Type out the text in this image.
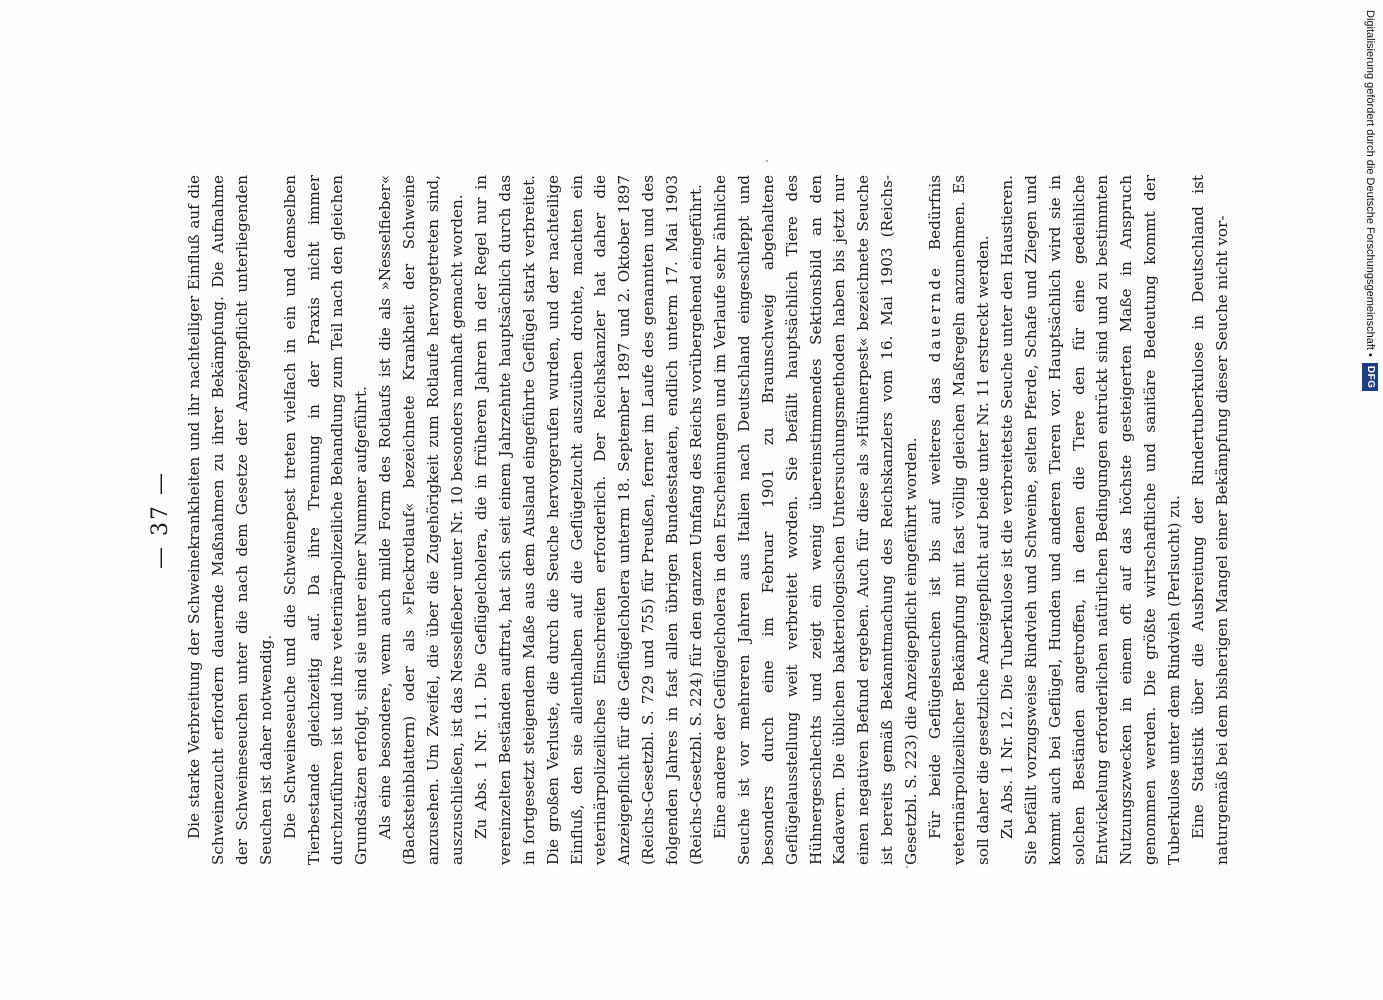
— 37 — Die starke Verbreitung der Schweinekrankheiten und ihr nachteiliger Einfluß auf die Schweinezucht erfordern dauernde Maßnahmen zu ihrer Bekämpfung. Die Aufnahme der Schweineseuchen unter die nach dem Gesetze der Anzeigepflicht unterliegenden Seuchen ist daher notwendig. Die Schweineseuche und die Schweinepest treten vielfach in ein und demselben Tierbestande gleichzeitig auf. Da ihre Trennung in der Praxis nicht immer durchzuführen ist und ihre veterinärpolizeiliche Behandlung zum Teil nach den gleichen Grundsätzen erfolgt, sind sie unter einer Nummer aufgeführt. Als eine besondere, wenn auch milde Form des Rotlaufs ist die als »Nesselfieber« (Backsteinblattern) oder als »Fleckrotlauf« bezeichnete Krankheit der Schweine anzusehen. Um Zweifel, die über die Zugehörigkeit zum Rotlaufe hervorgetreten sind, auszuschließen, ist das Nesselfieber unter Nr. 10 besonders namhaft gemacht worden. Zu Abs. 1 Nr. 11. Die Geflügelcholera, die in früheren Jahren in der Regel nur in vereinzelten Beständen auftrat, hat sich seit einem Jahrzehnte hauptsächlich durch das in fortgesetzt steigendem Maße aus dem Ausland eingeführte Geflügel stark verbreitet. Die großen Verluste, die durch die Seuche hervorgerufen wurden, und der nachteilige Einfluß, den sie allenthalben auf die Geflügelzucht auszuüben drohte, machten ein veterinärpolizeiliches Einschreiten erforderlich. Der Reichskanzler hat daher die Anzeigepflicht für die Geflügelcholera unterm 18. September 1897 und 2. Oktober 1897 (Reichs-Gesetzbl. S. 729 und 755) für Preußen, ferner im Laufe des genannten und des folgenden Jahres in fast allen übrigen Bundesstaaten, endlich unterm 17. Mai 1903 (Reichs-Gesetzbl. S. 224) für den ganzen Umfang des Reichs vorübergehend eingeführt. Eine andere der Geflügelcholera in den Erscheinungen und im Verlaufe sehr ähnliche Seuche ist vor mehreren Jahren aus Italien nach Deutschland eingeschleppt und besonders durch eine im Februar 1901 zu Braunschweig abgehaltene Geflügelausstellung weit verbreitet worden. Sie befällt hauptsächlich Tiere des Hühnergeschlechts und zeigt ein wenig übereinstimmendes Sektionsbild an den Kadavern. Die üblichen bakteriologischen Untersuchungsmethoden haben bis jetzt nur einen negativen Befund ergeben. Auch für diese als »Hühnerpest« bezeichnete Seuche ist bereits gemäß Bekanntmachung des Reichskanzlers vom 16. Mai 1903 (Reichs-Gesetzbl. S. 223) die Anzeigepflicht eingeführt worden. Für beide Geflügelseuchen ist bis auf weiteres das dauernde Bedürfnis veterinärpolizeilicher Bekämpfung mit fast völlig gleichen Maßregeln anzunehmen. Es soll daher die gesetzliche Anzeigepflicht auf beide unter Nr. 11 erstreckt werden. Zu Abs. 1 Nr. 12. Die Tuberkulose ist die verbreitetste Seuche unter den Haustieren. Sie befällt vorzugsweise Rindvieh und Schweine, selten Pferde, Schafe und Ziegen und kommt auch bei Geflügel, Hunden und anderen Tieren vor. Hauptsächlich wird sie in solchen Beständen angetroffen, in denen die Tiere den für eine gedeihliche Entwickelung erforderlichen natürlichen Bedingungen entrückt sind und zu bestimmten Nutzungszwecken in einem oft auf das höchste gesteigerten Maße in Anspruch genommen werden. Die größte wirtschaftliche und sanitäre Bedeutung kommt der Tuberkulose unter dem Rindvieh (Perlsucht) zu. Eine Statistik über die Ausbreitung der Rindertuberkulose in Deutschland ist naturgemäß bei dem bisherigen Mangel einer Bekämpfung dieser Seuche nicht vor-

Digitalisierung gefördert durch die Deutsche Forschungsgemeinschaft •
DFG
